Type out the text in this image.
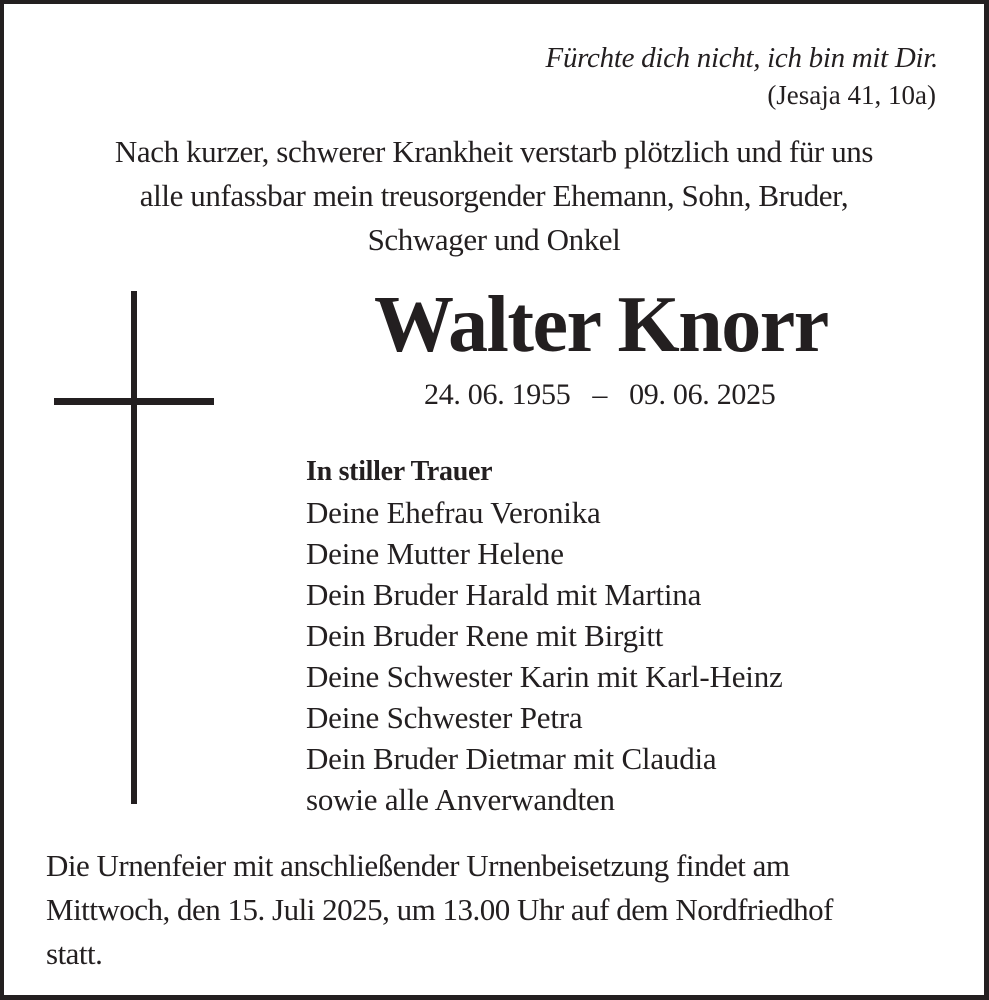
Fürchte dich nicht, ich bin mit Dir.
(Jesaja 41, 10a)
Nach kurzer, schwerer Krankheit verstarb plötzlich und für uns
alle unfassbar mein treusorgender Ehemann, Sohn, Bruder,
Schwager und Onkel
Walter Knorr
24. 06. 1955 – 09. 06. 2025
In stiller Trauer
Deine Ehefrau Veronika
Deine Mutter Helene
Dein Bruder Harald mit Martina
Dein Bruder Rene mit Birgitt
Deine Schwester Karin mit Karl-Heinz
Deine Schwester Petra
Dein Bruder Dietmar mit Claudia
sowie alle Anverwandten
Die Urnenfeier mit anschließender Urnenbeisetzung findet am
Mittwoch, den 15. Juli 2025, um 13.00 Uhr auf dem Nordfriedhof
statt.
